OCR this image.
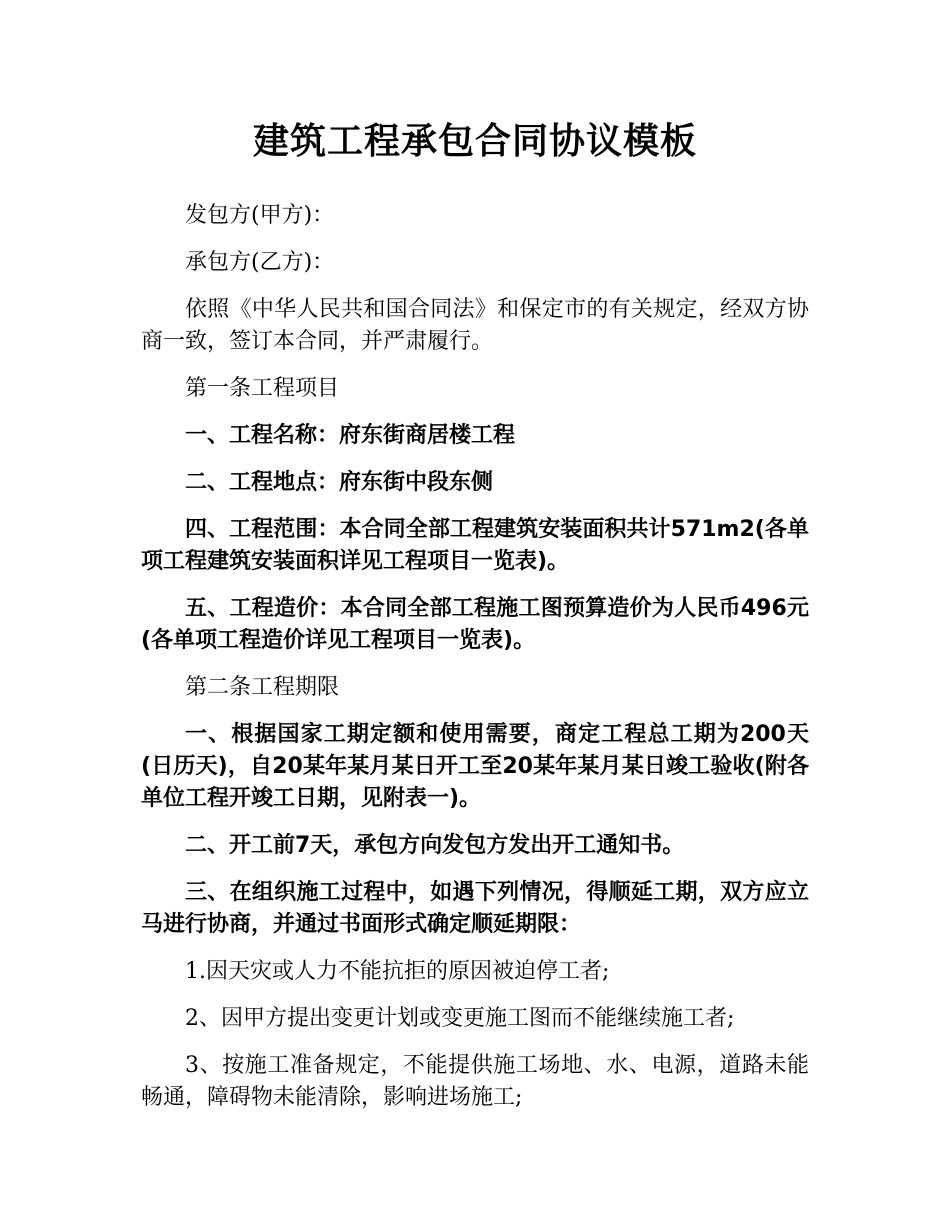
建筑工程承包合同协议模板

发包方(甲方)：

承包方(乙方)：

依照《中华人民共和国合同法》和保定市的有关规定，经双方协商一致，签订本合同，并严肃履行。

第一条工程项目

一、工程名称：府东街商居楼工程

二、工程地点：府东街中段东侧

四、工程范围：本合同全部工程建筑安装面积共计571m2(各单项工程建筑安装面积详见工程项目一览表)。

五、工程造价：本合同全部工程施工图预算造价为人民币496元(各单项工程造价详见工程项目一览表)。

第二条工程期限

一、根据国家工期定额和使用需要，商定工程总工期为200天(日历天)，自20某年某月某日开工至20某年某月某日竣工验收(附各单位工程开竣工日期，见附表一)。

二、开工前7天，承包方向发包方发出开工通知书。

三、在组织施工过程中，如遇下列情况，得顺延工期，双方应立马进行协商，并通过书面形式确定顺延期限：

1.因天灾或人力不能抗拒的原因被迫停工者;

2、因甲方提出变更计划或变更施工图而不能继续施工者;

3、按施工准备规定，不能提供施工场地、水、电源，道路未能畅通，障碍物未能清除，影响进场施工;
